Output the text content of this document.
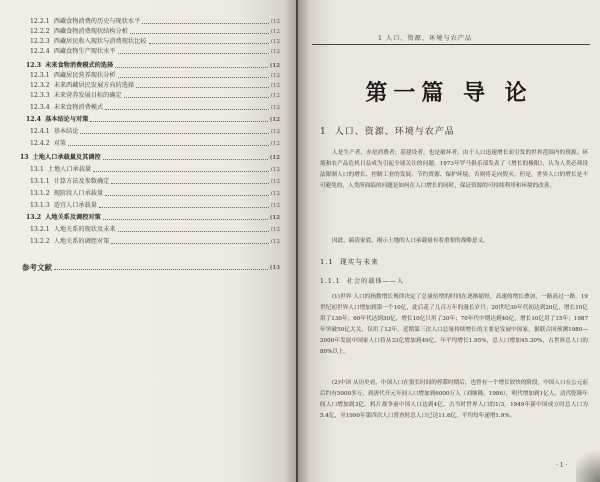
12.2.1 西藏食物消费的历史与现状水平	(12
12.2.2 西藏食物消费现状结构分析	(12
12.2.3 西藏居民收入现状与消费现状比较	(12
12.2.4 西藏食物生产现状水平	(12
12.3 未来食物消费模式的选择	(12
12.3.1 西藏居民营养现状分析	(12
12.3.2 未来西藏居民发展方向的选择	(12
12.3.3 未来营养发展目标的确定	(12
12.3.4 未来食物消费模式	(12
12.4 基本结论与对策	(12
12.4.1 基本结论	(12
12.4.2 对策	(12
13 土地人口承载量及其调控	(12
13.1 土地人口承载量	(12
13.1.1 计算方法及参数确定	(12
13.1.2 现阶段人口承载量	(12
13.1.3 适宜人口承载量	(12
13.2 人地关系及调控对策	(12
13.2.1 人地关系的现状及未来	(12
13.2.2 人地关系的调控对策	(12
参考文献	(13
1 人口、资源、环境与农产品
第一篇 导 论
1 人口、资源、环境与农产品

人是生产者，亦是消费者；基建设者，也是破坏者。由于人口迅速增长而引发的世界范围内的资源、环境和农产品危机日益成为引起全球关注的问题。1973年罗马俱乐部发表了《增长的极限》，认为人类必须设法限制人口的增长、控制工业的发展、节约资源、保护环境，否则将走向毁灭。但是，世界人口的增长是不可避免的，人类所面临的问题是如何在人口增长的同时，保证资源的可持续利用和环境的改善。

因此，搞清家底，揭示土地的人口承载量有着重要的战略意义。

1.1 现实与未来
1.1.1 社会的载体——人

(1)世界 人口的指数增长规律决定了总量倍增的时间在逐渐缩短，高速的增长叠加，一路高过一路。19世纪初世界人口增加到第一个10亿，此后花了几百万年的漫长岁月；20世纪30年代初达到20亿，增长10亿用了130年；60年代达到30亿，增长10亿只用了30年；70年代中期达到40亿，增长10亿用了15年；1987年突破50亿大关，仅用了12年。近期第三次人口总量持续增长的主要是发展中国家，据联合国预测1980—2000年发展中国家人口将从33亿增加到49亿，年平均增长1.95%，总人口增加45.30%，占世界总人口的80%以上。

(2)中国 从历史看，中国人口在很长时间的停滞时期后，也曾有一个增长较快的阶段。中国人口在公元前后约有5000多万，到唐代开元年间人口增加到6000万人（刘继隆，1986），明代增加到1亿人，清代乾隆年间人口增加到3亿。鸦片战争前中国人口达到4亿，占当时世界人口的1/3。1949年新中国成立时总人口为5.4亿，至1990年第四次人口普查时总人口已达11.6亿，平均每年递增1.9%。

· 1 ·
